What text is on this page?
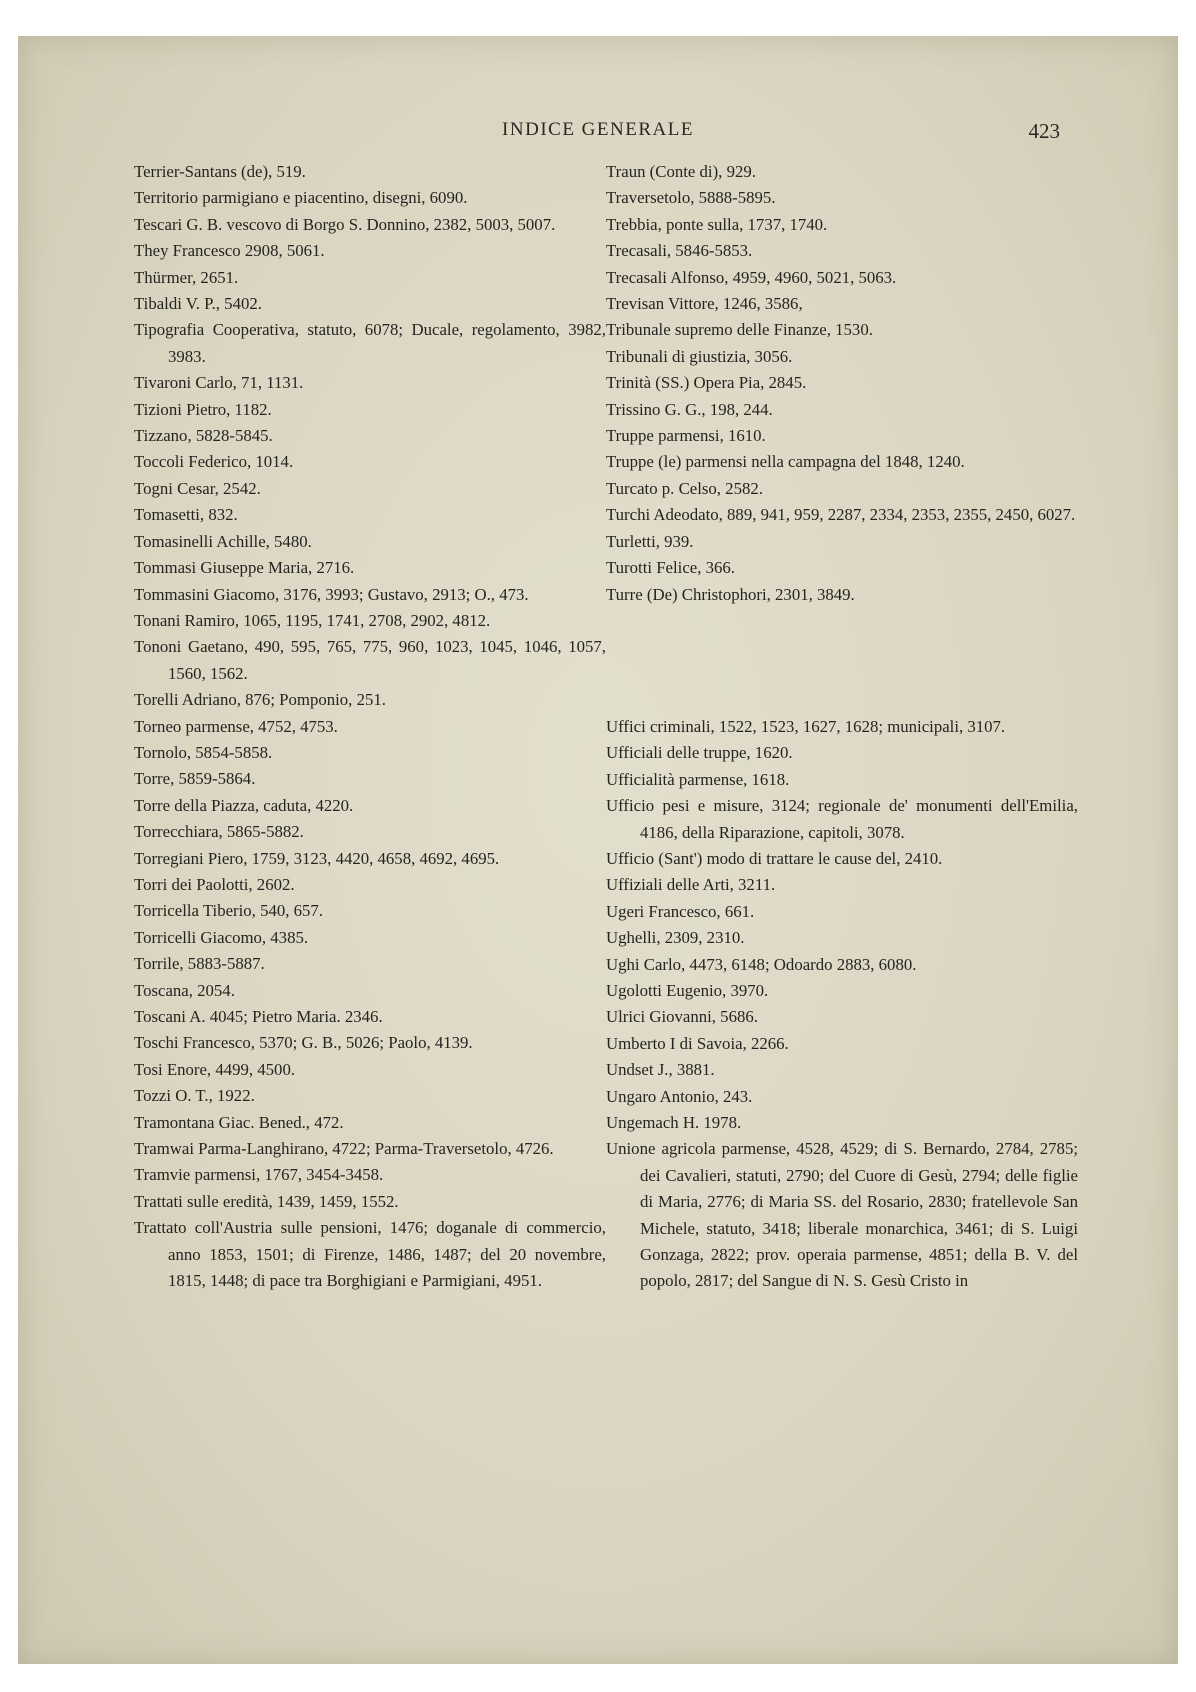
INDICE GENERALE	423

Terrier-Santans (de), 519.

Territorio parmigiano e piacentino, disegni, 6090.

Tescari G. B. vescovo di Borgo S. Donnino, 2382, 5003, 5007.

They Francesco 2908, 5061.

Thürmer, 2651.

Tibaldi V. P., 5402.

Tipografia Cooperativa, statuto, 6078; Ducale, regolamento, 3982, 3983.

Tivaroni Carlo, 71, 1131.

Tizioni Pietro, 1182.

Tizzano, 5828-5845.

Toccoli Federico, 1014.

Togni Cesar, 2542.

Tomasetti, 832.

Tomasinelli Achille, 5480.

Tommasi Giuseppe Maria, 2716.

Tommasini Giacomo, 3176, 3993; Gustavo, 2913; O., 473.

Tonani Ramiro, 1065, 1195, 1741, 2708, 2902, 4812.

Tononi Gaetano, 490, 595, 765, 775, 960, 1023, 1045, 1046, 1057, 1560, 1562.

Torelli Adriano, 876; Pomponio, 251.

Torneo parmense, 4752, 4753.

Tornolo, 5854-5858.

Torre, 5859-5864.

Torre della Piazza, caduta, 4220.

Torrecchiara, 5865-5882.

Torregiani Piero, 1759, 3123, 4420, 4658, 4692, 4695.

Torri dei Paolotti, 2602.

Torricella Tiberio, 540, 657.

Torricelli Giacomo, 4385.

Torrile, 5883-5887.

Toscana, 2054.

Toscani A. 4045; Pietro Maria. 2346.

Toschi Francesco, 5370; G. B., 5026; Paolo, 4139.

Tosi Enore, 4499, 4500.

Tozzi O. T., 1922.

Tramontana Giac. Bened., 472.

Tramwai Parma-Langhirano, 4722; Parma-Traversetolo, 4726.

Tramvie parmensi, 1767, 3454-3458.

Trattati sulle eredità, 1439, 1459, 1552.

Trattato coll'Austria sulle pensioni, 1476; doganale di commercio, anno 1853, 1501; di Firenze, 1486, 1487; del 20 novembre, 1815, 1448; di pace tra Borghigiani e Parmigiani, 4951.

Traun (Conte di), 929.

Traversetolo, 5888-5895.

Trebbia, ponte sulla, 1737, 1740.

Trecasali, 5846-5853.

Trecasali Alfonso, 4959, 4960, 5021, 5063.

Trevisan Vittore, 1246, 3586,

Tribunale supremo delle Finanze, 1530.

Tribunali di giustizia, 3056.

Trinità (SS.) Opera Pia, 2845.

Trissino G. G., 198, 244.

Truppe parmensi, 1610.

Truppe (le) parmensi nella campagna del 1848, 1240.

Turcato p. Celso, 2582.

Turchi Adeodato, 889, 941, 959, 2287, 2334, 2353, 2355, 2450, 6027.

Turletti, 939.

Turotti Felice, 366.

Turre (De) Christophori, 2301, 3849.

Uffici criminali, 1522, 1523, 1627, 1628; municipali, 3107.

Ufficiali delle truppe, 1620.

Ufficialità parmense, 1618.

Ufficio pesi e misure, 3124; regionale de' monumenti dell'Emilia, 4186, della Riparazione, capitoli, 3078.

Ufficio (Sant') modo di trattare le cause del, 2410.

Uffiziali delle Arti, 3211.

Ugeri Francesco, 661.

Ughelli, 2309, 2310.

Ughi Carlo, 4473, 6148; Odoardo 2883, 6080.

Ugolotti Eugenio, 3970.

Ulrici Giovanni, 5686.

Umberto I di Savoia, 2266.

Undset J., 3881.

Ungaro Antonio, 243.

Ungemach H. 1978.

Unione agricola parmense, 4528, 4529; di S. Bernardo, 2784, 2785; dei Cavalieri, statuti, 2790; del Cuore di Gesù, 2794; delle figlie di Maria, 2776; di Maria SS. del Rosario, 2830; fratellevole San Michele, statuto, 3418; liberale monarchica, 3461; di S. Luigi Gonzaga, 2822; prov. operaia parmense, 4851; della B. V. del popolo, 2817; del Sangue di N. S. Gesù Cristo in
